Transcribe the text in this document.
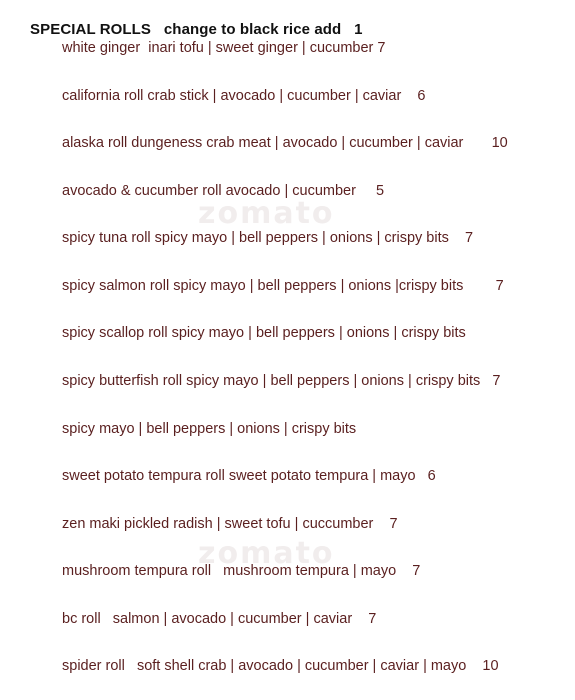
zomato
zomato
SPECIAL ROLLS change to black rice add 1
white ginger  inari tofu | sweet ginger | cucumber 7
california roll crab stick | avocado | cucumber | caviar    6
alaska roll dungeness crab meat | avocado | cucumber | caviar       10
avocado & cucumber roll avocado | cucumber     5
spicy tuna roll spicy mayo | bell peppers | onions | crispy bits    7
spicy salmon roll spicy mayo | bell peppers | onions |crispy bits        7
spicy scallop roll spicy mayo | bell peppers | onions | crispy bits
spicy butterfish roll spicy mayo | bell peppers | onions | crispy bits   7
spicy mayo | bell peppers | onions | crispy bits
sweet potato tempura roll sweet potato tempura | mayo   6
zen maki pickled radish | sweet tofu | cuccumber    7
mushroom tempura roll   mushroom tempura | mayo    7
bc roll   salmon | avocado | cucumber | caviar    7
spider roll   soft shell crab | avocado | cucumber | caviar | mayo    10
